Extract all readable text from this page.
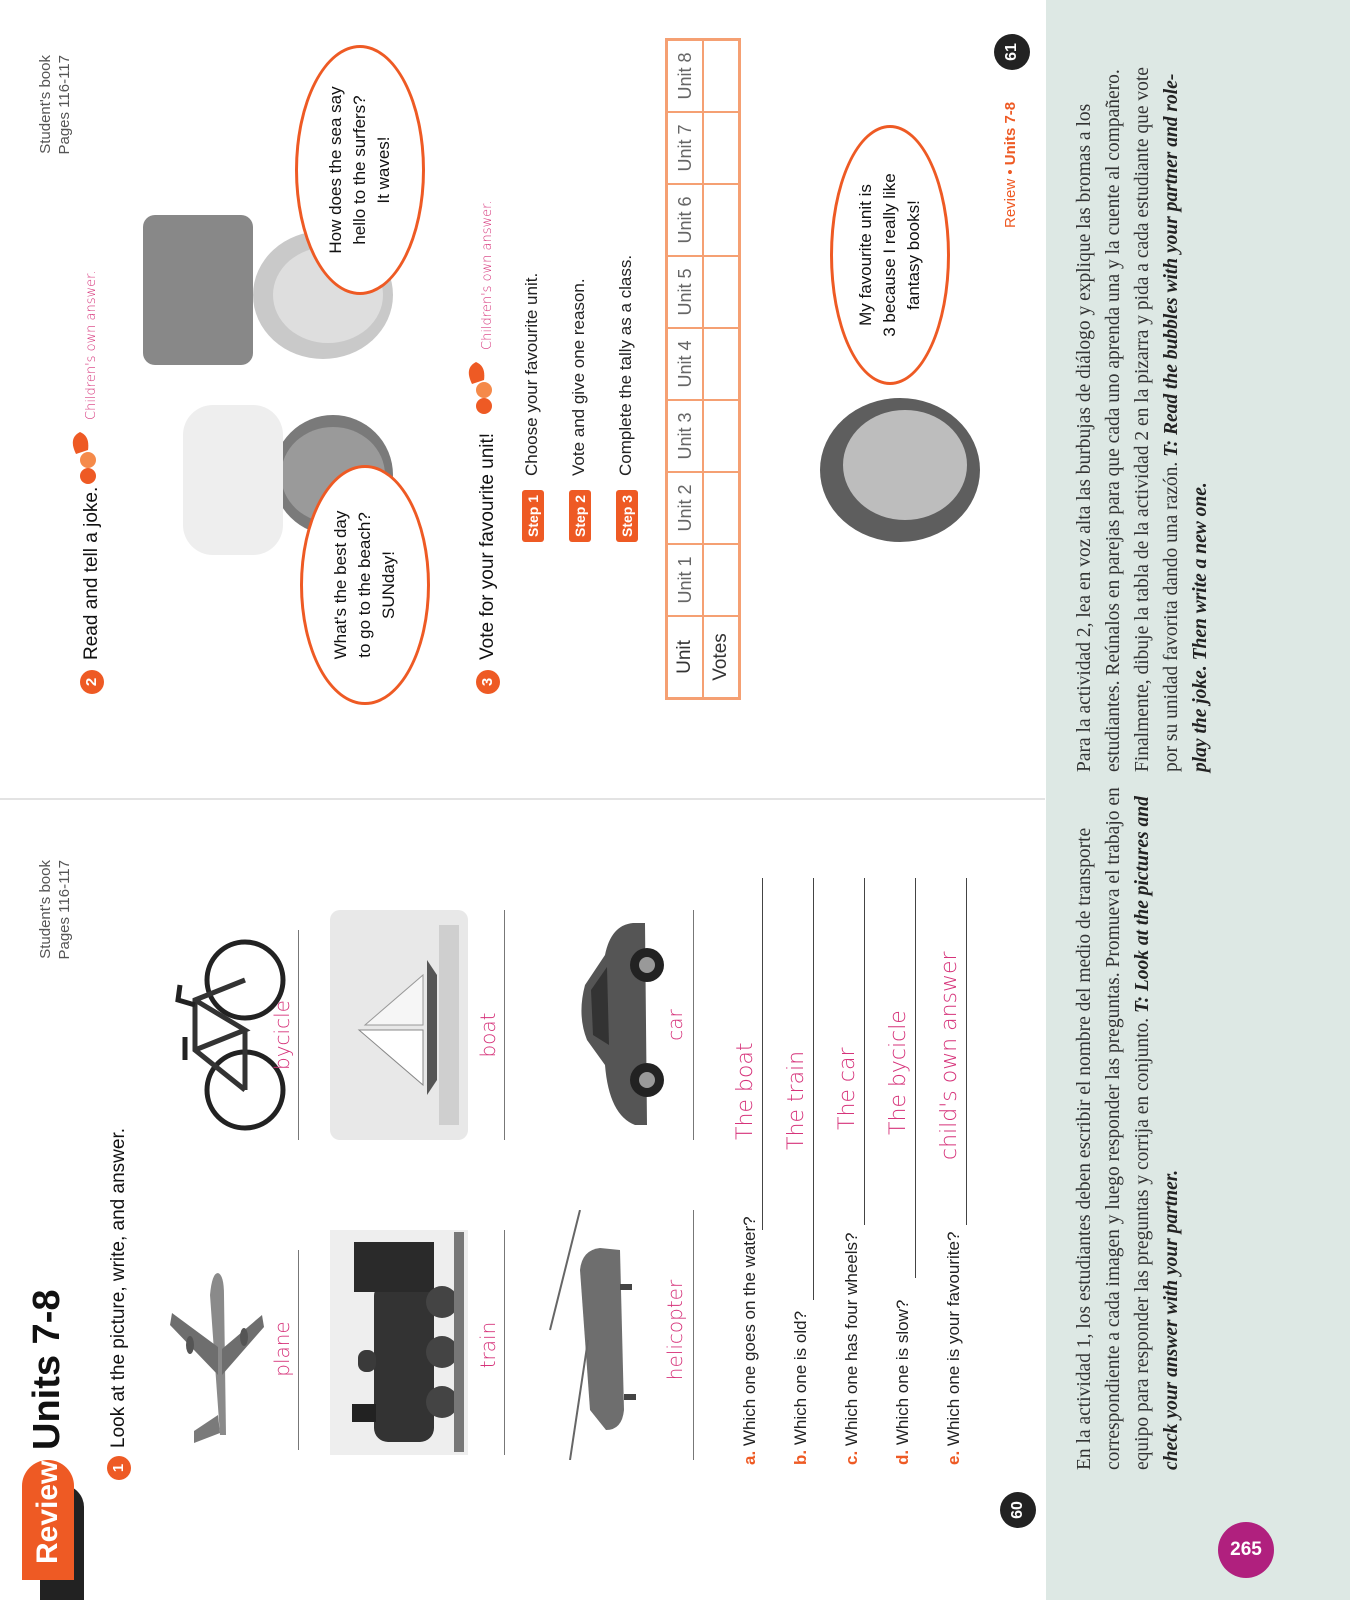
265
Review
Units 7-8
Student's book Pages 116-117
1
Look at the picture, write, and answer.	plane
bycicle
train
boat
helicopter
car
a. Which one goes on the water?
The boat
b. Which one is old?
The train
c. Which one has four wheels?
The car
d. Which one is slow?
The bycicle
e. Which one is your favourite?
child's own answer
60
Student's book Pages 116-117
2
Read and tell a joke.
Children's own answer.
What's the best day to go to the beach? SUNday!
How does the sea say hello to the surfers? It waves!
3
Vote for your favourite unit!
Children's own answer.
Step 1
Choose your favourite unit.
Step 2
Vote and give one reason.
Step 3
Complete the tally as a class.
Unit	Unit 1	Unit 2	Unit 3	Unit 4	Unit 5	Unit 6	Unit 7	Unit 8
Votes								
My favourite unit is 3 because I really like fantasy books!	Review • Units 7-8
61
En la actividad 1, los estudiantes deben escribir el nombre del medio de transporte correspondiente a cada imagen y luego responder las preguntas. Promueva el trabajo en equipo para responder las preguntas y corrija en conjunto. T: Look at the pictures and check your answer with your partner.
Para la actividad 2, lea en voz alta las burbujas de diálogo y explique las bromas a los estudiantes. Reúnalos en parejas para que cada uno aprenda una y la cuente al compañero. Finalmente, dibuje la tabla de la actividad 2 en la pizarra y pida a cada estudiante que vote por su unidad favorita dando una razón. T: Read the bubbles with your partner and role-play the joke. Then write a new one.
